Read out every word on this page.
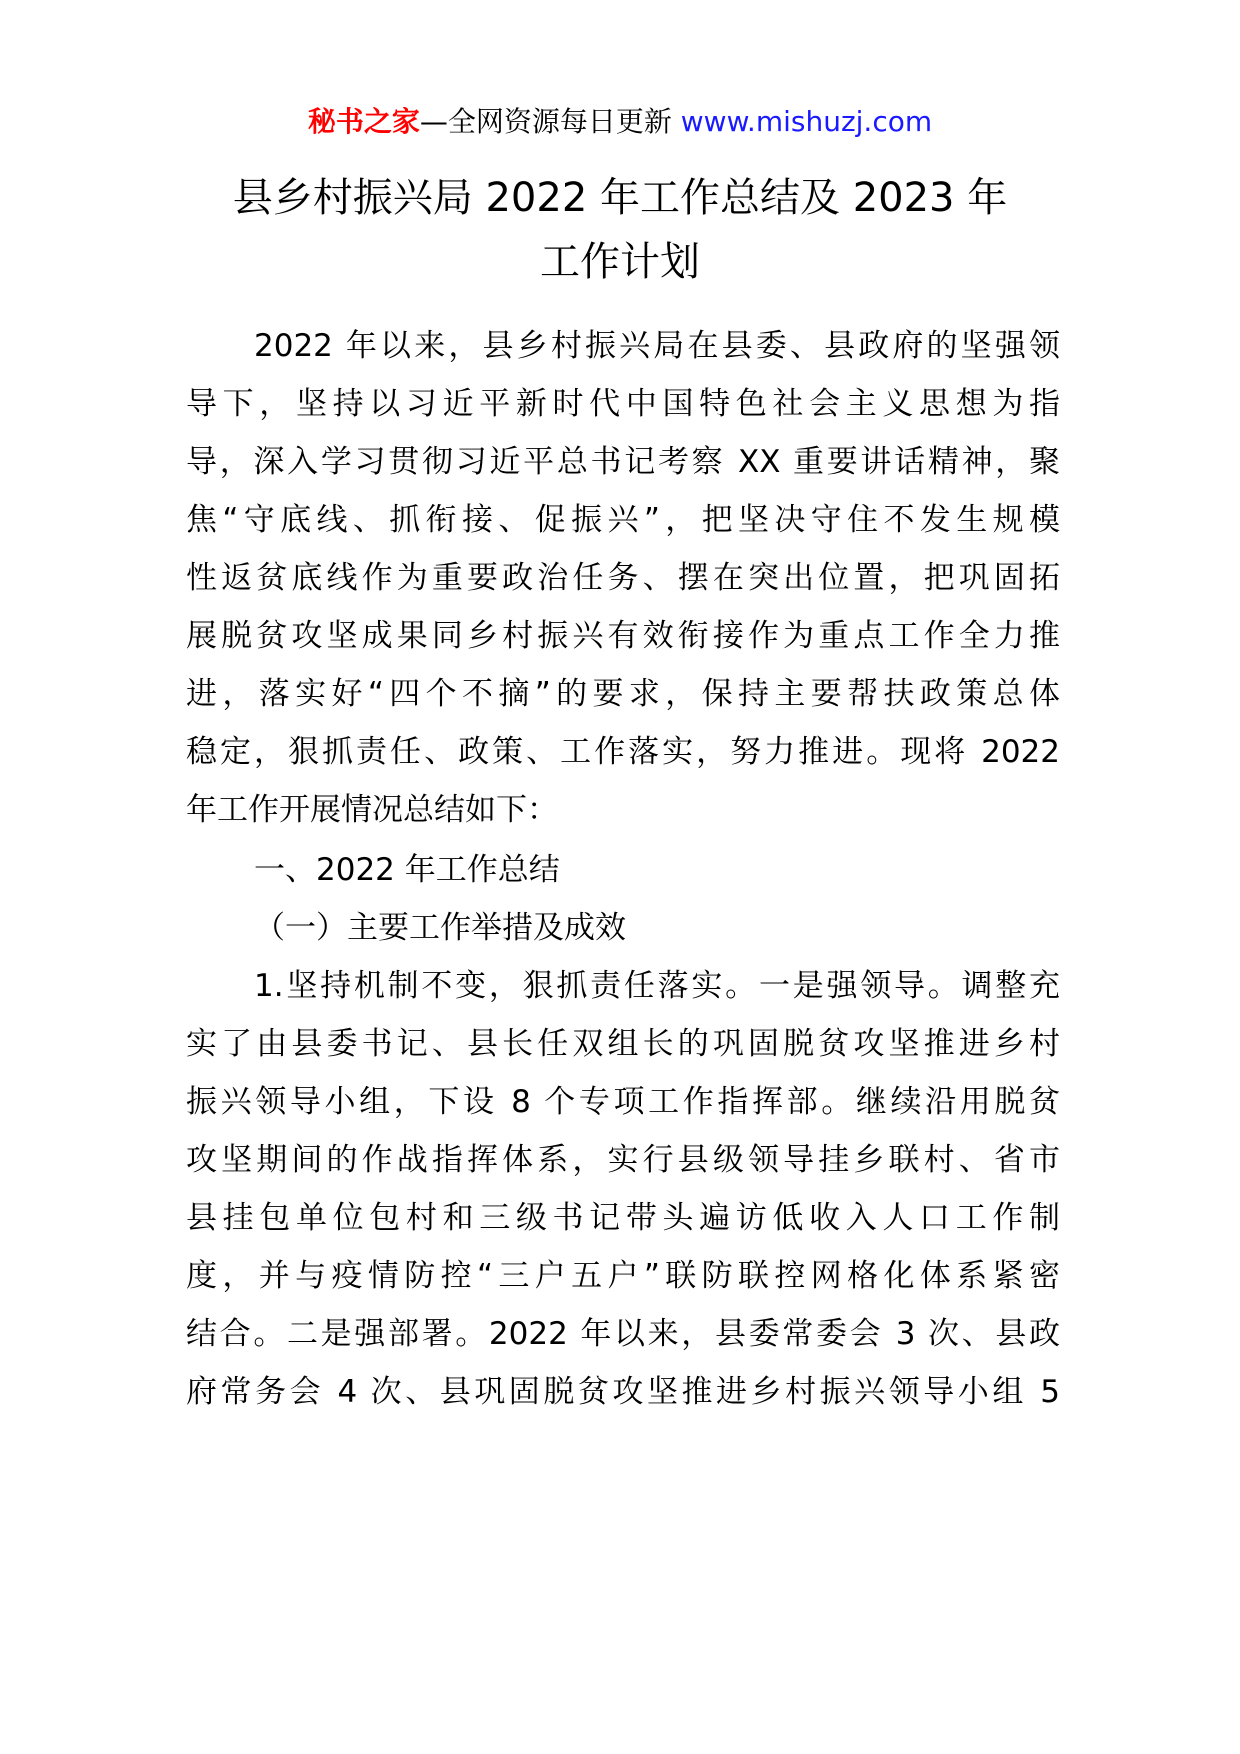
秘书之家—全网资源每日更新 www.mishuzj.com
县乡村振兴局 2022 年工作总结及 2023 年
工作计划
2022 年以来，县乡村振兴局在县委、县政府的坚强领
导下，坚持以习近平新时代中国特色社会主义思想为指
导，深入学习贯彻习近平总书记考察 XX 重要讲话精神，聚
焦“守底线、抓衔接、促振兴”，把坚决守住不发生规模
性返贫底线作为重要政治任务、摆在突出位置，把巩固拓
展脱贫攻坚成果同乡村振兴有效衔接作为重点工作全力推
进，落实好“四个不摘”的要求，保持主要帮扶政策总体
稳定，狠抓责任、政策、工作落实，努力推进。现将 2022
年工作开展情况总结如下：
一、2022 年工作总结
（一）主要工作举措及成效
1.坚持机制不变，狠抓责任落实。一是强领导。调整充
实了由县委书记、县长任双组长的巩固脱贫攻坚推进乡村
振兴领导小组，下设 8 个专项工作指挥部。继续沿用脱贫
攻坚期间的作战指挥体系，实行县级领导挂乡联村、省市
县挂包单位包村和三级书记带头遍访低收入人口工作制
度，并与疫情防控“三户五户”联防联控网格化体系紧密
结合。二是强部署。2022 年以来，县委常委会 3 次、县政
府常务会 4 次、县巩固脱贫攻坚推进乡村振兴领导小组 5
